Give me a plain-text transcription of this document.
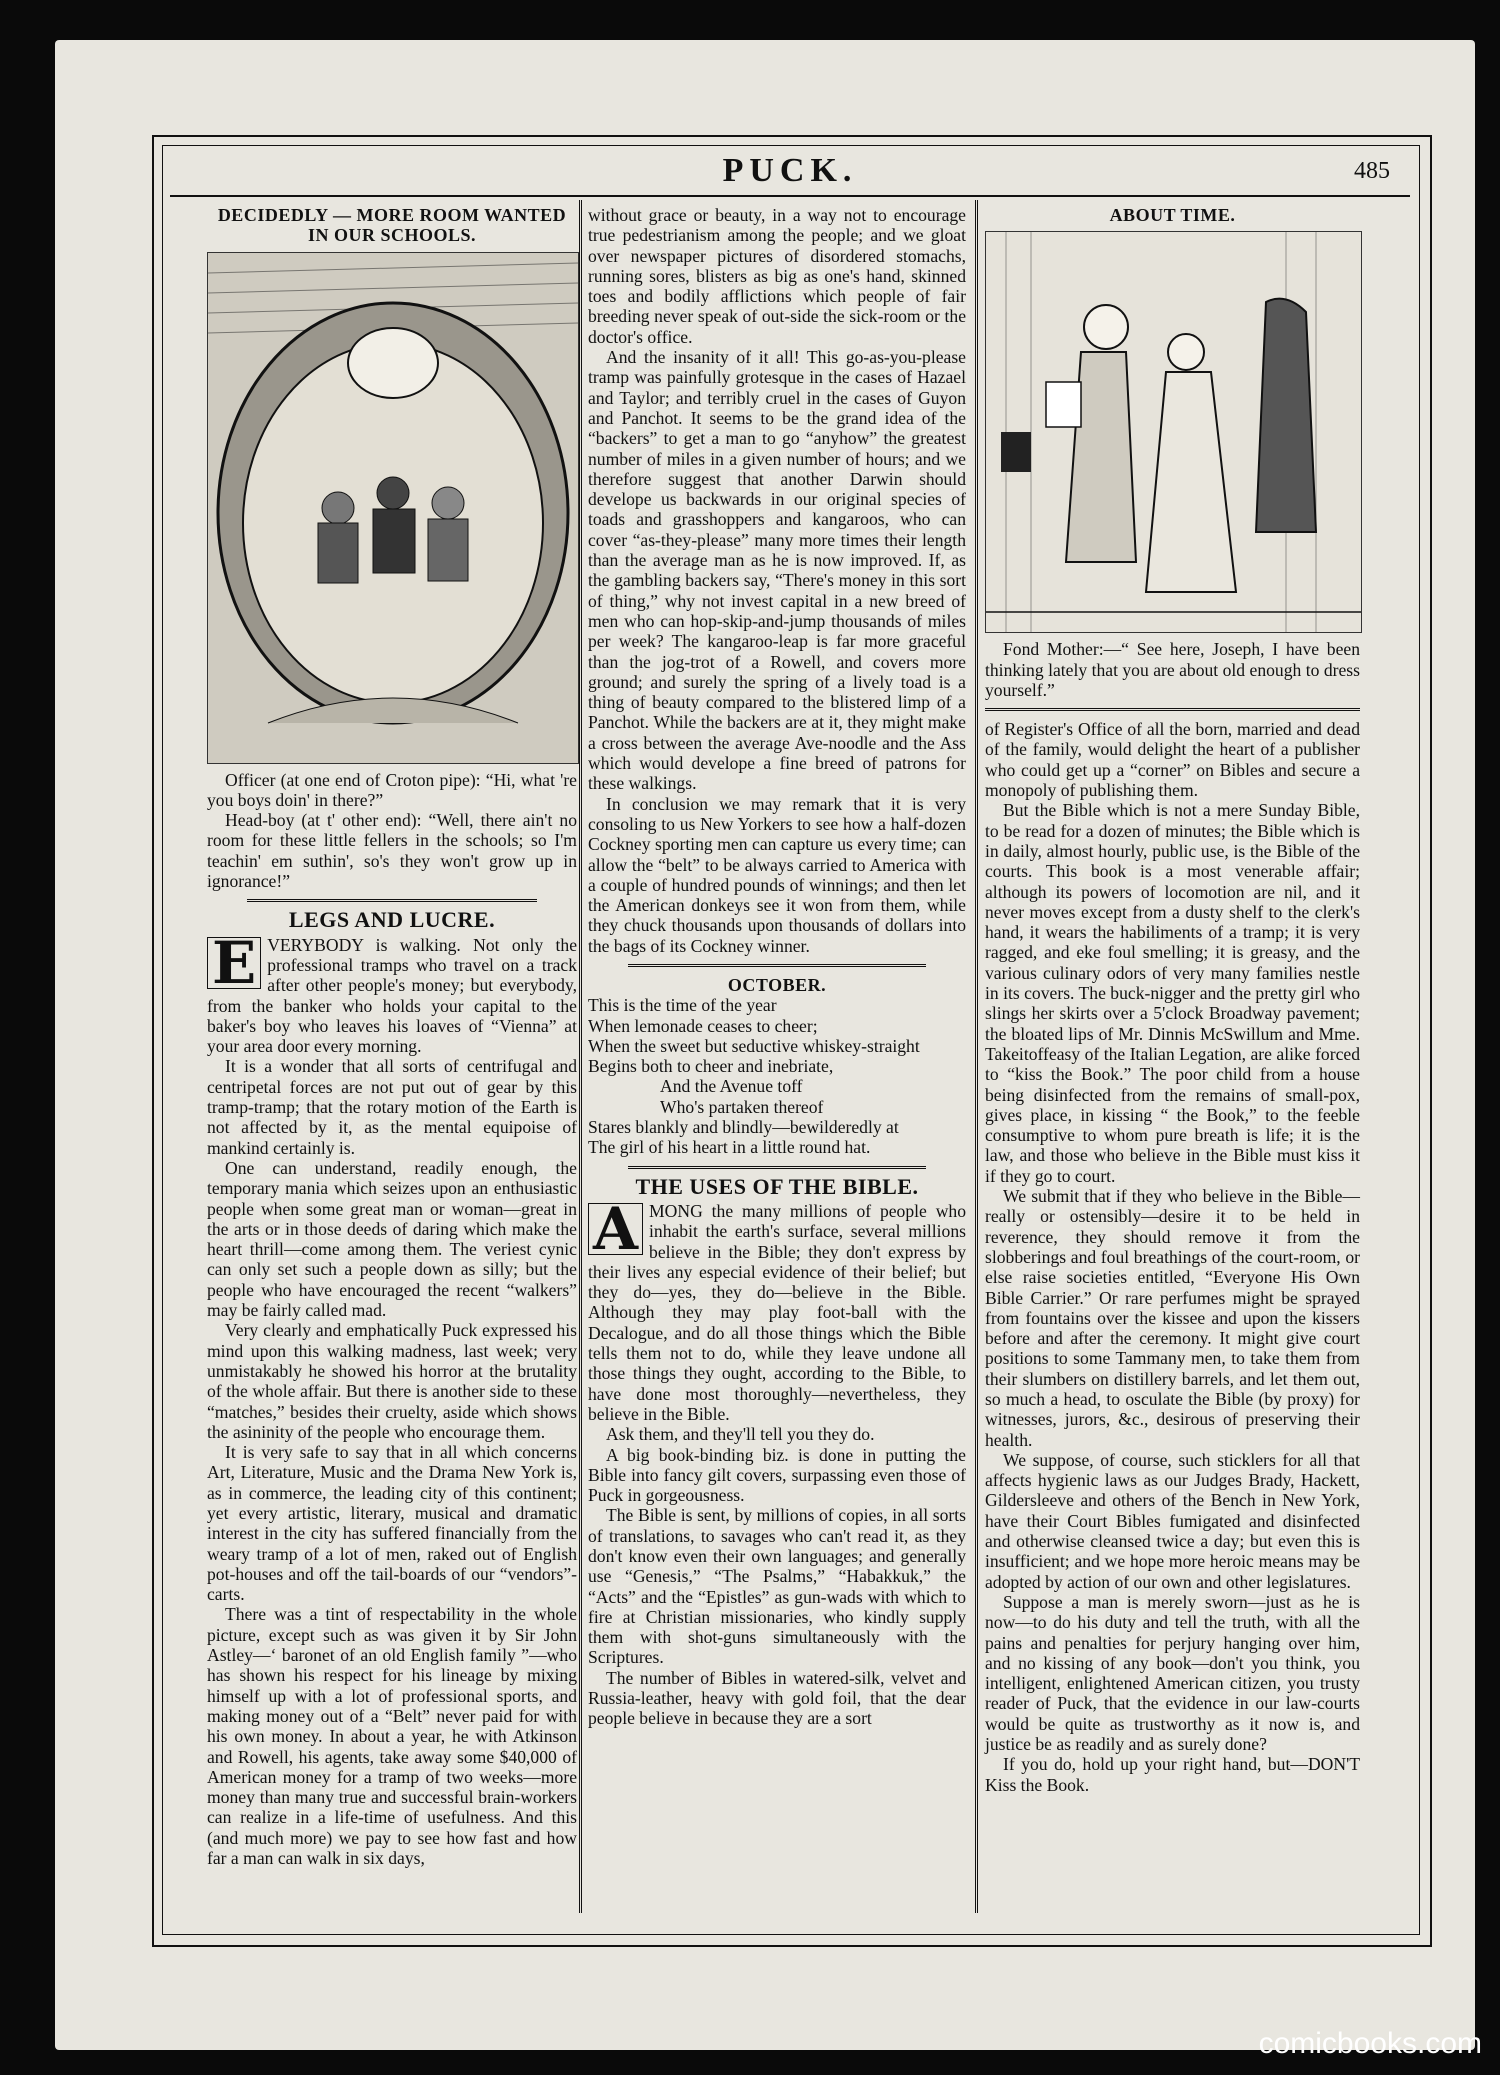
PUCK.	485
DECIDEDLY — MORE ROOM WANTED IN OUR SCHOOLS.

Officer (at one end of Croton pipe): “Hi, what 're you boys doin' in there?”

Head-boy (at t' other end): “Well, there ain't no room for these little fellers in the schools; so I'm teachin' em suthin', so's they won't grow up in ignorance!”

LEGS AND LUCRE.

E VERYBODY is walking. Not only the professional tramps who travel on a track after other people's money; but everybody, from the banker who holds your capital to the baker's boy who leaves his loaves of “Vienna” at your area door every morning.

It is a wonder that all sorts of centrifugal and centripetal forces are not put out of gear by this tramp-tramp; that the rotary motion of the Earth is not affected by it, as the mental equipoise of mankind certainly is.

One can understand, readily enough, the temporary mania which seizes upon an enthusiastic people when some great man or woman—great in the arts or in those deeds of daring which make the heart thrill—come among them. The veriest cynic can only set such a people down as silly; but the people who have encouraged the recent “walkers” may be fairly called mad.

Very clearly and emphatically Puck expressed his mind upon this walking madness, last week; very unmistakably he showed his horror at the brutality of the whole affair. But there is another side to these “matches,” besides their cruelty, aside which shows the asininity of the people who encourage them.

It is very safe to say that in all which concerns Art, Literature, Music and the Drama New York is, as in commerce, the leading city of this continent; yet every artistic, literary, musical and dramatic interest in the city has suffered financially from the weary tramp of a lot of men, raked out of English pot-houses and off the tail-boards of our “vendors”-carts.

There was a tint of respectability in the whole picture, except such as was given it by Sir John Astley—‘ baronet of an old English family ”—who has shown his respect for his lineage by mixing himself up with a lot of professional sports, and making money out of a “Belt” never paid for with his own money. In about a year, he with Atkinson and Rowell, his agents, take away some $40,000 of American money for a tramp of two weeks—more money than many true and successful brain-workers can realize in a life-time of usefulness. And this (and much more) we pay to see how fast and how far a man can walk in six days,

without grace or beauty, in a way not to encourage true pedestrianism among the people; and we gloat over newspaper pictures of disordered stomachs, running sores, blisters as big as one's hand, skinned toes and bodily afflictions which people of fair breeding never speak of out-side the sick-room or the doctor's office.

And the insanity of it all! This go-as-you-please tramp was painfully grotesque in the cases of Hazael and Taylor; and terribly cruel in the cases of Guyon and Panchot. It seems to be the grand idea of the “backers” to get a man to go “anyhow” the greatest number of miles in a given number of hours; and we therefore suggest that another Darwin should develope us backwards in our original species of toads and grasshoppers and kangaroos, who can cover “as-they-please” many more times their length than the average man as he is now improved. If, as the gambling backers say, “There's money in this sort of thing,” why not invest capital in a new breed of men who can hop-skip-and-jump thousands of miles per week? The kangaroo-leap is far more graceful than the jog-trot of a Rowell, and covers more ground; and surely the spring of a lively toad is a thing of beauty compared to the blistered limp of a Panchot. While the backers are at it, they might make a cross between the average Ave-noodle and the Ass which would develope a fine breed of patrons for these walkings.

In conclusion we may remark that it is very consoling to us New Yorkers to see how a half-dozen Cockney sporting men can capture us every time; can allow the “belt” to be always carried to America with a couple of hundred pounds of winnings; and then let the American donkeys see it won from them, while they chuck thousands upon thousands of dollars into the bags of its Cockney winner.

OCTOBER.

This is the time of the year

When lemonade ceases to cheer;

When the sweet but seductive whiskey-straight

Begins both to cheer and inebriate,

And the Avenue toff

Who's partaken thereof

Stares blankly and blindly—bewilderedly at

The girl of his heart in a little round hat.

THE USES OF THE BIBLE.

A MONG the many millions of people who inhabit the earth's surface, several millions believe in the Bible; they don't express by their lives any especial evidence of their belief; but they do—yes, they do—believe in the Bible. Although they may play foot-ball with the Decalogue, and do all those things which the Bible tells them not to do, while they leave undone all those things they ought, according to the Bible, to have done most thoroughly—nevertheless, they believe in the Bible.

Ask them, and they'll tell you they do.

A big book-binding biz. is done in putting the Bible into fancy gilt covers, surpassing even those of Puck in gorgeousness.

The Bible is sent, by millions of copies, in all sorts of translations, to savages who can't read it, as they don't know even their own languages; and generally use “Genesis,” “The Psalms,” “Habakkuk,” the “Acts” and the “Epistles” as gun-wads with which to fire at Christian missionaries, who kindly supply them with shot-guns simultaneously with the Scriptures.

The number of Bibles in watered-silk, velvet and Russia-leather, heavy with gold foil, that the dear people believe in because they are a sort

ABOUT TIME.

Fond Mother:—“ See here, Joseph, I have been thinking lately that you are about old enough to dress yourself.”

of Register's Office of all the born, married and dead of the family, would delight the heart of a publisher who could get up a “corner” on Bibles and secure a monopoly of publishing them.

But the Bible which is not a mere Sunday Bible, to be read for a dozen of minutes; the Bible which is in daily, almost hourly, public use, is the Bible of the courts. This book is a most venerable affair; although its powers of locomotion are nil, and it never moves except from a dusty shelf to the clerk's hand, it wears the habiliments of a tramp; it is very ragged, and eke foul smelling; it is greasy, and the various culinary odors of very many families nestle in its covers. The buck-nigger and the pretty girl who slings her skirts over a 5'clock Broadway pavement; the bloated lips of Mr. Dinnis McSwillum and Mme. Takeitoffeasy of the Italian Legation, are alike forced to “kiss the Book.” The poor child from a house being disinfected from the remains of small-pox, gives place, in kissing “ the Book,” to the feeble consumptive to whom pure breath is life; it is the law, and those who believe in the Bible must kiss it if they go to court.

We submit that if they who believe in the Bible—really or ostensibly—desire it to be held in reverence, they should remove it from the slobberings and foul breathings of the court-room, or else raise societies entitled, “Everyone His Own Bible Carrier.” Or rare perfumes might be sprayed from fountains over the kissee and upon the kissers before and after the ceremony. It might give court positions to some Tammany men, to take them from their slumbers on distillery barrels, and let them out, so much a head, to osculate the Bible (by proxy) for witnesses, jurors, &c., desirous of preserving their health.

We suppose, of course, such sticklers for all that affects hygienic laws as our Judges Brady, Hackett, Gildersleeve and others of the Bench in New York, have their Court Bibles fumigated and disinfected and otherwise cleansed twice a day; but even this is insufficient; and we hope more heroic means may be adopted by action of our own and other legislatures.

Suppose a man is merely sworn—just as he is now—to do his duty and tell the truth, with all the pains and penalties for perjury hanging over him, and no kissing of any book—don't you think, you intelligent, enlightened American citizen, you trusty reader of Puck, that the evidence in our law-courts would be quite as trustworthy as it now is, and justice be as readily and as surely done?

If you do, hold up your right hand, but—DON'T Kiss the Book.

comicbooks.com
